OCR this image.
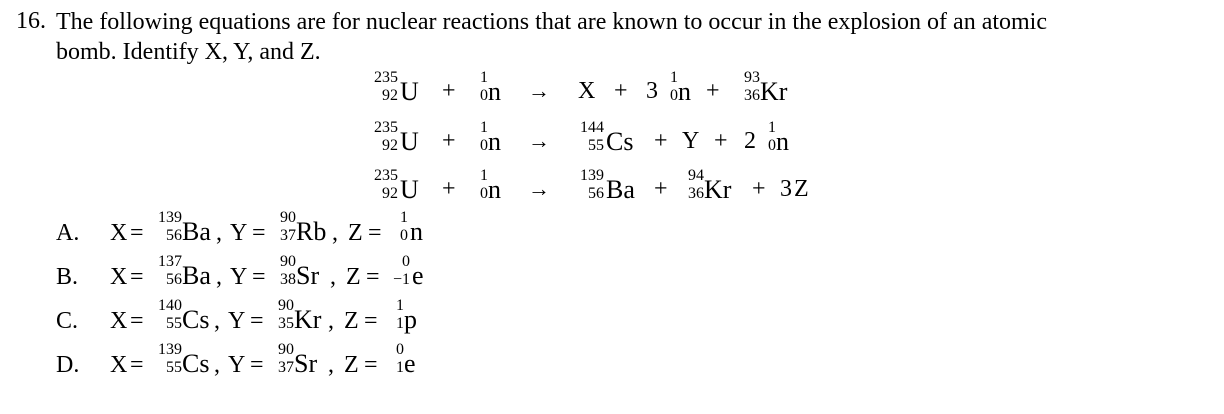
16. The following equations are for nuclear reactions that are known to occur in the explosion of an atomic
bomb. Identify X, Y, and Z.
235
92 U +
1
0 n → X + 3
1
0 n +
93
36 Kr
235
92 U +
1
0 n →
144
55 Cs + Y + 2
1
0 n
235
92 U +
1
0 n →
139
56 Ba +
94
36 Kr + 3 Z
A. X =
139
56 Ba , Y =
90
37 Rb , Z =
1
0 n
B. X =
137
56 Ba , Y =
90
38 Sr , Z =
0
−1 e
C. X =
140
55 Cs , Y =
90
35 Kr , Z =
1
1 p
D. X =
139
55 Cs , Y =
90
37 Sr , Z =
0
1 e
